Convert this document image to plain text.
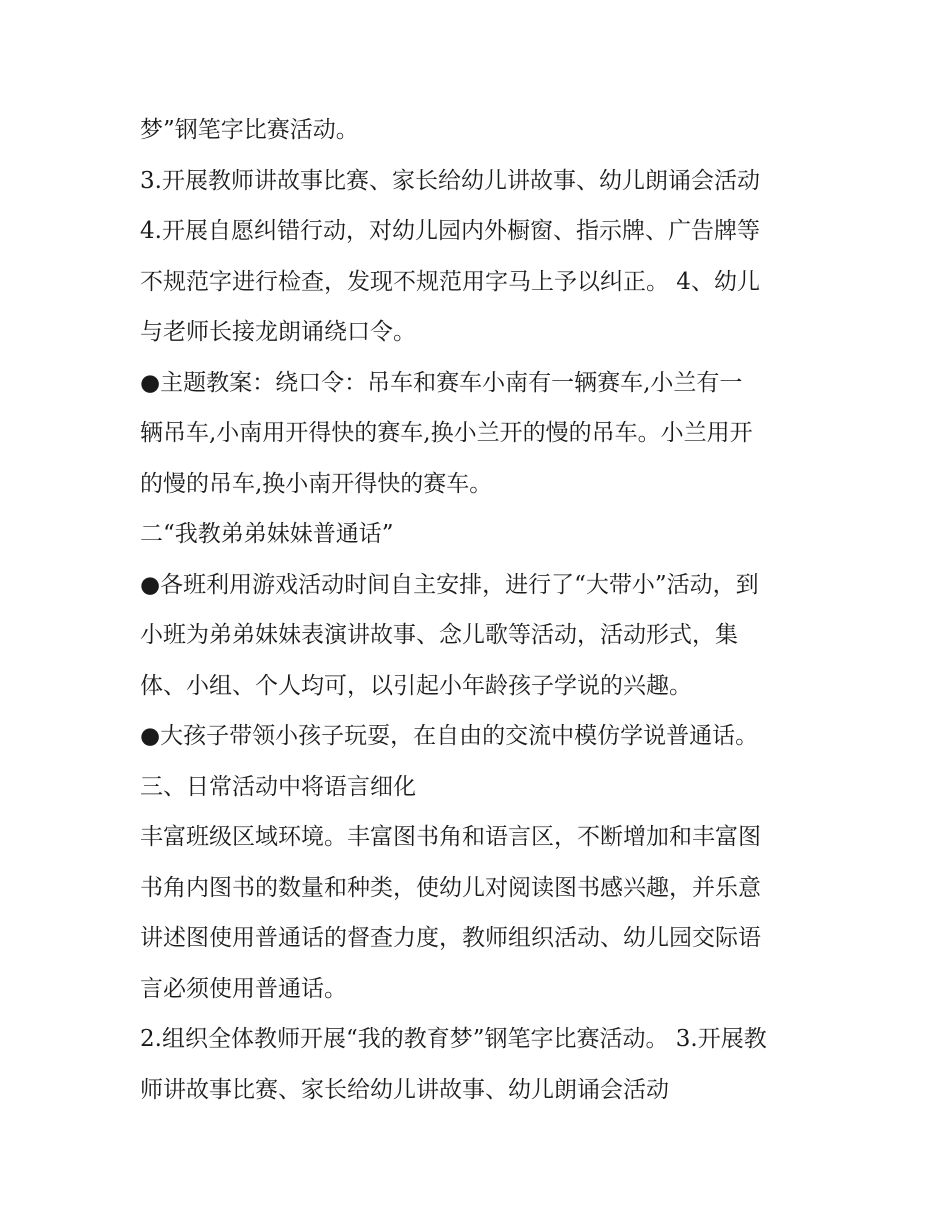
梦”钢笔字比赛活动。

3.开展教师讲故事比赛、家长给幼儿讲故事、幼儿朗诵会活动

4.开展自愿纠错行动，对幼儿园内外橱窗、指示牌、广告牌等

不规范字进行检查，发现不规范用字马上予以纠正。 4、幼儿

与老师长接龙朗诵绕口令。

●主题教案：绕口令：吊车和赛车小南有一辆赛车,小兰有一

辆吊车,小南用开得快的赛车,换小兰开的慢的吊车。小兰用开

的慢的吊车,换小南开得快的赛车。

二“我教弟弟妹妹普通话”

●各班利用游戏活动时间自主安排，进行了“大带小”活动，到

小班为弟弟妹妹表演讲故事、念儿歌等活动，活动形式，集

体、小组、个人均可，以引起小年龄孩子学说的兴趣。

●大孩子带领小孩子玩耍，在自由的交流中模仿学说普通话。

三、日常活动中将语言细化

丰富班级区域环境。丰富图书角和语言区，不断增加和丰富图

书角内图书的数量和种类，使幼儿对阅读图书感兴趣，并乐意

讲述图使用普通话的督查力度，教师组织活动、幼儿园交际语

言必须使用普通话。

2.组织全体教师开展“我的教育梦”钢笔字比赛活动。 3.开展教

师讲故事比赛、家长给幼儿讲故事、幼儿朗诵会活动
